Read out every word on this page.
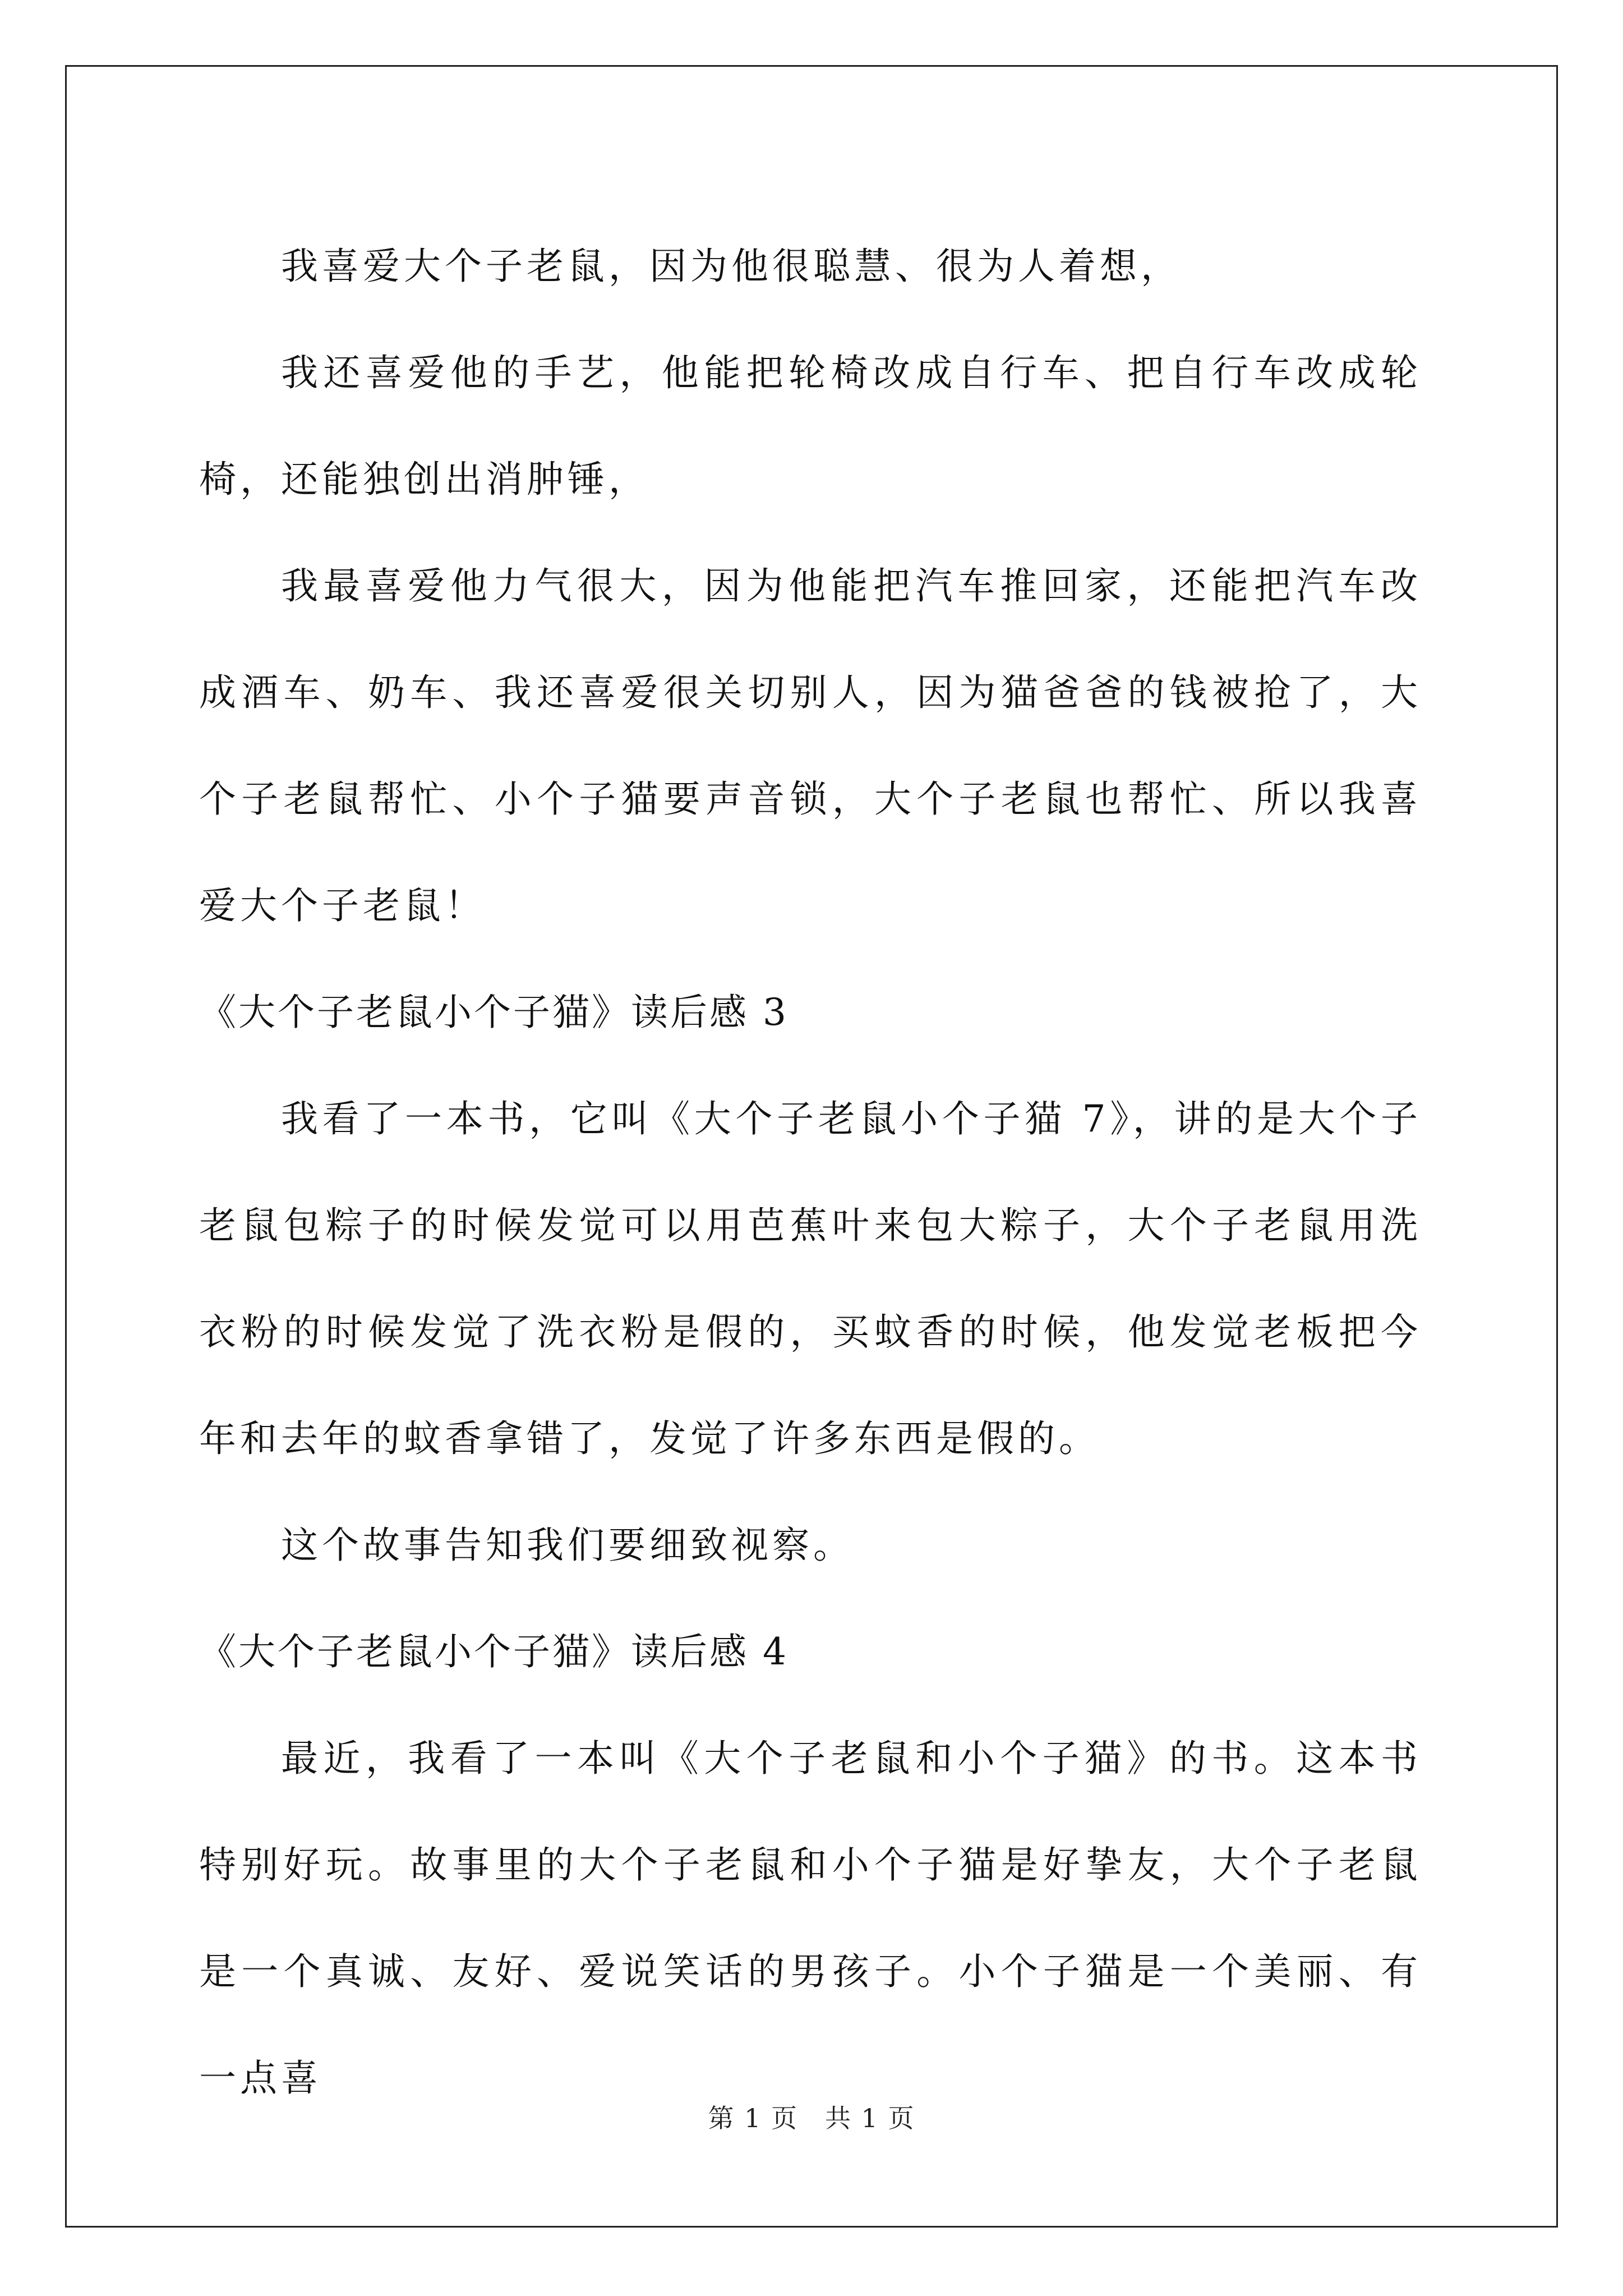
我喜爱大个子老鼠，因为他很聪慧、很为人着想，

我还喜爱他的手艺，他能把轮椅改成自行车、把自行车改成轮椅，还能独创出消肿锤，

我最喜爱他力气很大，因为他能把汽车推回家，还能把汽车改成酒车、奶车、我还喜爱很关切别人，因为猫爸爸的钱被抢了，大个子老鼠帮忙、小个子猫要声音锁，大个子老鼠也帮忙、所以我喜爱大个子老鼠！

《大个子老鼠小个子猫》读后感 3

我看了一本书，它叫《大个子老鼠小个子猫 7》，讲的是大个子老鼠包粽子的时候发觉可以用芭蕉叶来包大粽子，大个子老鼠用洗衣粉的时候发觉了洗衣粉是假的，买蚊香的时候，他发觉老板把今年和去年的蚊香拿错了，发觉了许多东西是假的。

这个故事告知我们要细致视察。

《大个子老鼠小个子猫》读后感 4

最近，我看了一本叫《大个子老鼠和小个子猫》的书。这本书特别好玩。故事里的大个子老鼠和小个子猫是好挚友，大个子老鼠是一个真诚、友好、爱说笑话的男孩子。小个子猫是一个美丽、有一点喜

第 1 页　共 1 页
